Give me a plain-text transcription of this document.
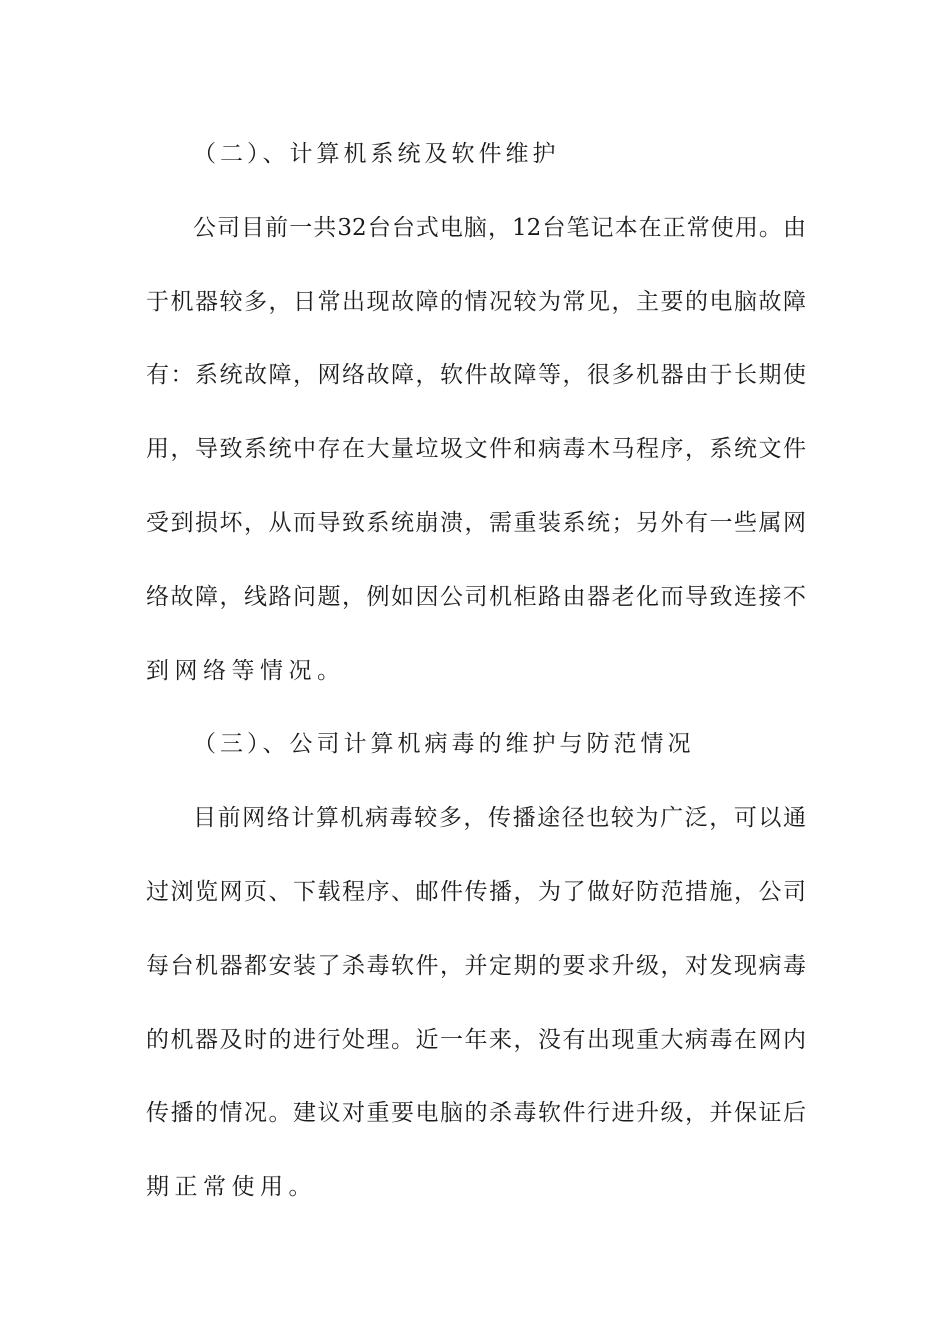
（二）、计算机系统及软件维护
公司目前一共32台台式电脑，12台笔记本在正常使用。由
于机器较多，日常出现故障的情况较为常见，主要的电脑故障
有：系统故障，网络故障，软件故障等，很多机器由于长期使
用，导致系统中存在大量垃圾文件和病毒木马程序，系统文件
受到损坏，从而导致系统崩溃，需重装系统；另外有一些属网
络故障，线路问题，例如因公司机柜路由器老化而导致连接不
到网络等情况。
（三）、公司计算机病毒的维护与防范情况
目前网络计算机病毒较多，传播途径也较为广泛，可以通
过浏览网页、下载程序、邮件传播，为了做好防范措施，公司
每台机器都安装了杀毒软件，并定期的要求升级，对发现病毒
的机器及时的进行处理。近一年来，没有出现重大病毒在网内
传播的情况。建议对重要电脑的杀毒软件行进升级，并保证后
期正常使用。
